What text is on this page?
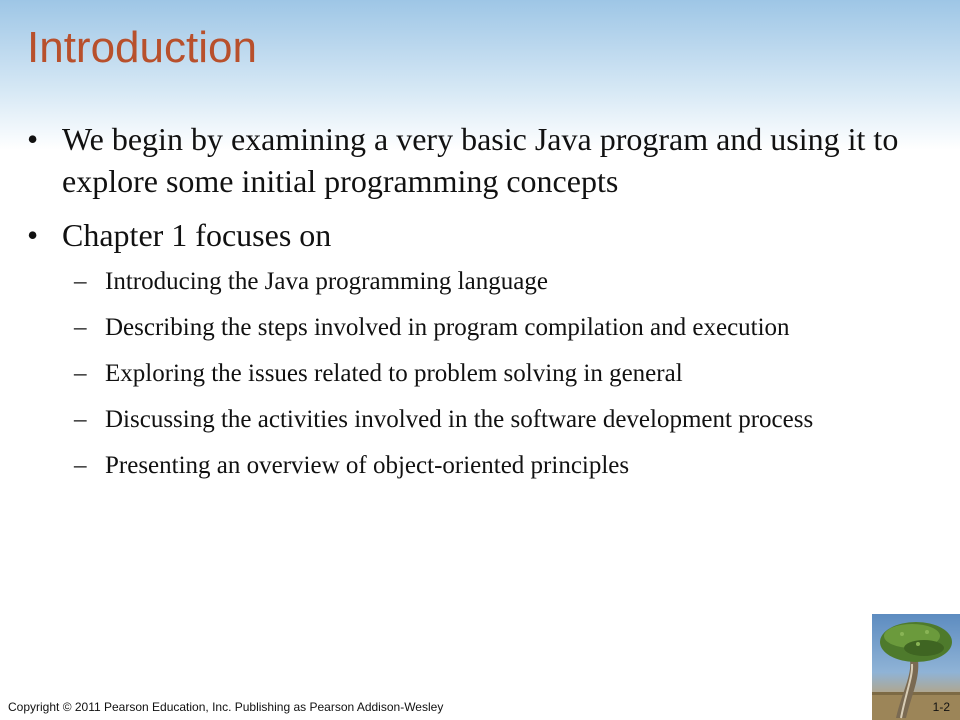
Introduction
• We begin by examining a very basic Java program and using it to explore some initial programming concepts
• Chapter 1 focuses on
– Introducing the Java programming language
– Describing the steps involved in program compilation and execution
– Exploring the issues related to problem solving in general
– Discussing the activities involved in the software development process
– Presenting an overview of object-oriented principles
Copyright © 2011 Pearson Education, Inc. Publishing as Pearson Addison-Wesley	1-2
